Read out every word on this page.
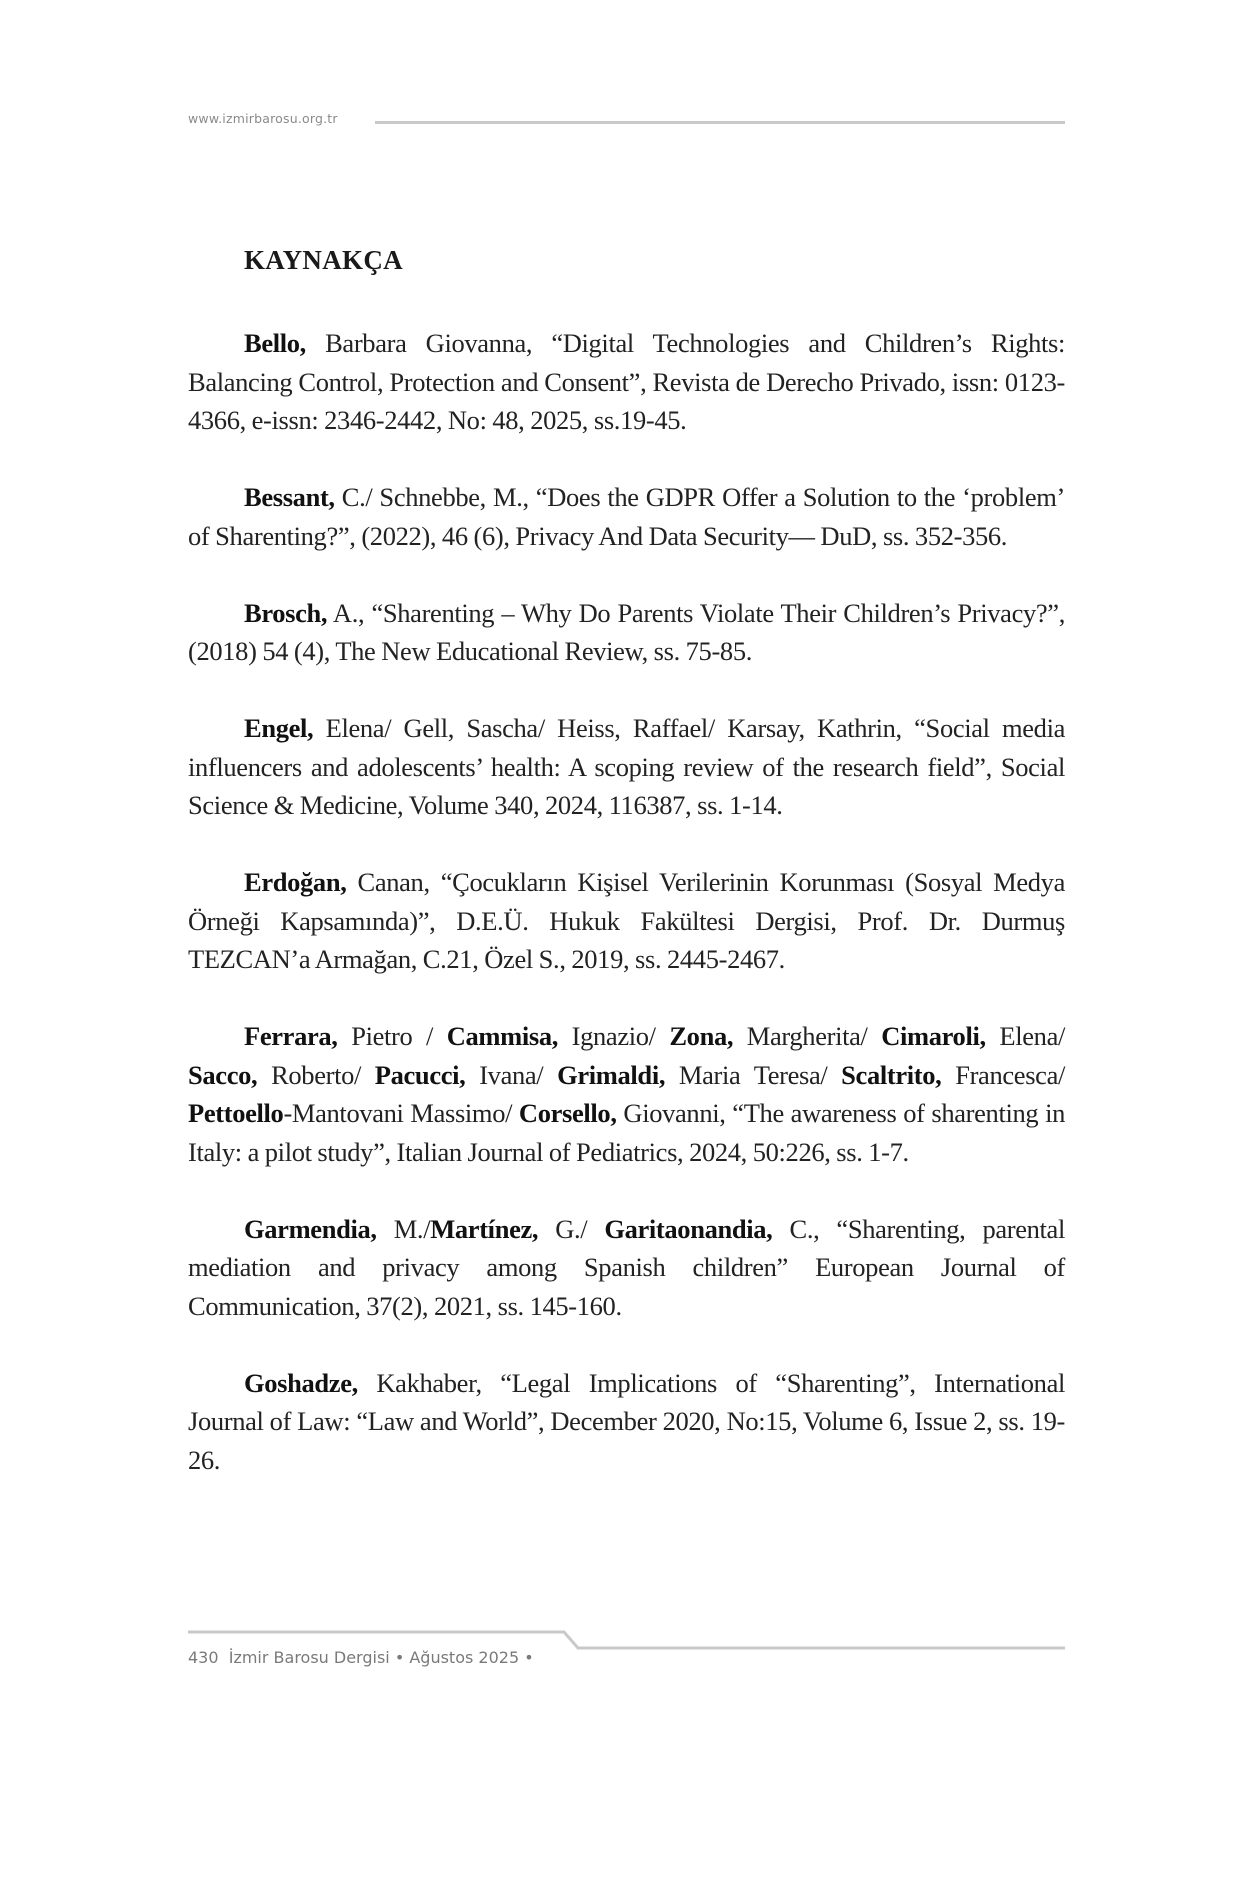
www.izmirbarosu.org.tr
KAYNAKÇA

Bello, Barbara Giovanna, “Digital Technologies and Children’s Rights: Balancing Control, Protection and Consent”, Revista de Derecho Privado, issn: 0123-4366, e-issn: 2346-2442, No: 48, 2025, ss.19-45.

Bessant, C./ Schnebbe, M., “Does the GDPR Offer a Solution to the ‘problem’ of Sharenting?”, (2022), 46 (6), Privacy And Data Security— DuD, ss. 352-356.

Brosch, A., “Sharenting – Why Do Parents Violate Their Children’s Privacy?”, (2018) 54 (4), The New Educational Review, ss. 75-85.

Engel, Elena/ Gell, Sascha/ Heiss, Raffael/ Karsay, Kathrin, “Social media influencers and adolescents’ health: A scoping review of the research field”, Social Science & Medicine, Volume 340, 2024, 116387, ss. 1-14.

Erdoğan, Canan, “Çocukların Kişisel Verilerinin Korunması (Sosyal Medya Örneği Kapsamında)”, D.E.Ü. Hukuk Fakültesi Dergisi, Prof. Dr. Durmuş TEZCAN’a Armağan, C.21, Özel S., 2019, ss. 2445-2467.

Ferrara, Pietro / Cammisa, Ignazio/ Zona, Margherita/ Cimaroli, Elena/ Sacco, Roberto/ Pacucci, Ivana/ Grimaldi, Maria Teresa/ Scaltrito, Francesca/ Pettoello-Mantovani Massimo/ Corsello, Giovanni, “The awareness of sharenting in Italy: a pilot study”, Italian Journal of Pediatrics, 2024, 50:226, ss. 1-7.

Garmendia, M./Martínez, G./ Garitaonandia, C., “Sharenting, parental mediation and privacy among Spanish children” European Journal of Communication, 37(2), 2021, ss. 145-160.

Goshadze, Kakhaber, “Legal Implications of “Sharenting”, International Journal of Law: “Law and World”, December 2020, No:15, Volume 6, Issue 2, ss. 19-26.

430 İzmir Barosu Dergisi • Ağustos 2025 •
